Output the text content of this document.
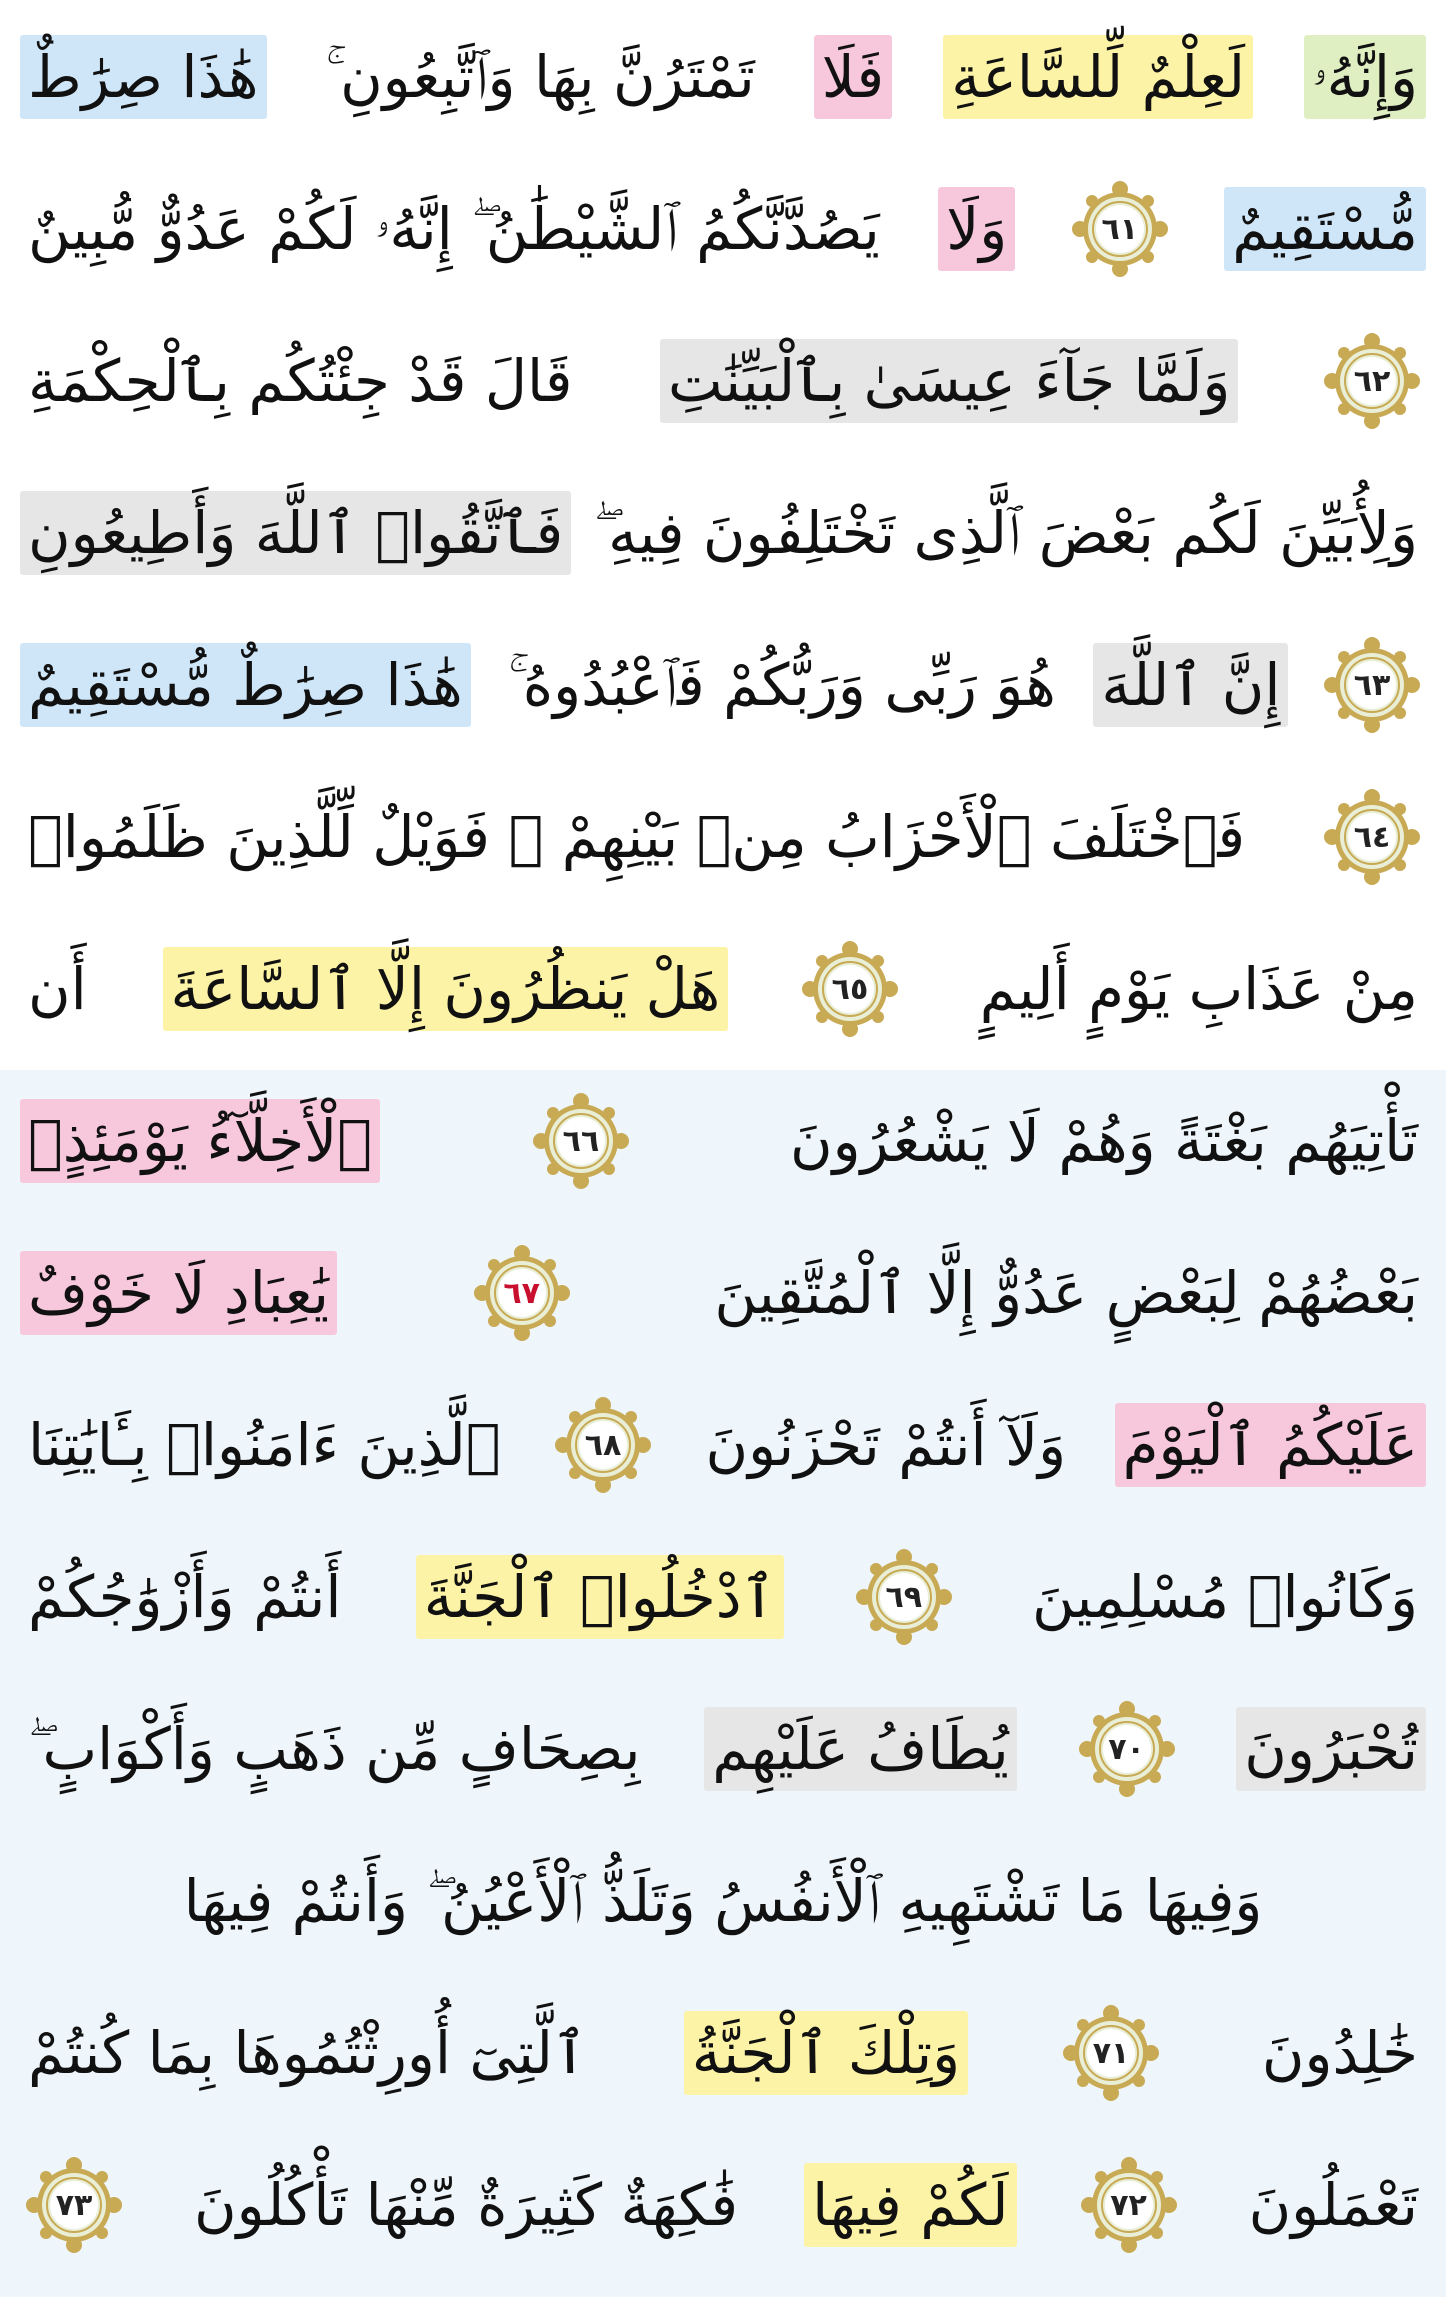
وَإِنَّهُۥ
لَعِلْمٌ لِّلسَّاعَةِ
فَلَا
تَمْتَرُنَّ بِهَا وَٱتَّبِعُونِ ۚ
هَٰذَا صِرَٰطٌ
مُّسْتَقِيمٌ
٦١
وَلَا
يَصُدَّنَّكُمُ ٱلشَّيْطَٰنُ ۖ إِنَّهُۥ لَكُمْ عَدُوٌّ مُّبِينٌ
٦٢
وَلَمَّا جَآءَ عِيسَىٰ بِٱلْبَيِّنَٰتِ
قَالَ قَدْ جِئْتُكُم بِٱلْحِكْمَةِ
وَلِأُبَيِّنَ لَكُم بَعْضَ ٱلَّذِى تَخْتَلِفُونَ فِيهِ ۖ
فَٱتَّقُوا۟ ٱللَّهَ وَأَطِيعُونِ
٦٣
إِنَّ ٱللَّهَ
هُوَ رَبِّى وَرَبُّكُمْ فَٱعْبُدُوهُ ۚ
هَٰذَا صِرَٰطٌ مُّسْتَقِيمٌ
٦٤
فَٱخْتَلَفَ ٱلْأَحْزَابُ مِنۢ بَيْنِهِمْ ۖ فَوَيْلٌ لِّلَّذِينَ ظَلَمُوا۟
مِنْ عَذَابِ يَوْمٍ أَلِيمٍ
٦٥
هَلْ يَنظُرُونَ إِلَّا ٱلسَّاعَةَ
أَن
تَأْتِيَهُم بَغْتَةً وَهُمْ لَا يَشْعُرُونَ
٦٦
ٱلْأَخِلَّآءُ يَوْمَئِذٍۭ
بَعْضُهُمْ لِبَعْضٍ عَدُوٌّ إِلَّا ٱلْمُتَّقِينَ
٦٧
يَٰعِبَادِ لَا خَوْفٌ
عَلَيْكُمُ ٱلْيَوْمَ
وَلَآ أَنتُمْ تَحْزَنُونَ
٦٨
ٱلَّذِينَ ءَامَنُوا۟ بِـَٔايَٰتِنَا
وَكَانُوا۟ مُسْلِمِينَ
٦٩
ٱدْخُلُوا۟ ٱلْجَنَّةَ
أَنتُمْ وَأَزْوَٰجُكُمْ
تُحْبَرُونَ
٧٠
يُطَافُ عَلَيْهِم
بِصِحَافٍ مِّن ذَهَبٍ وَأَكْوَابٍ ۖ
وَفِيهَا مَا تَشْتَهِيهِ ٱلْأَنفُسُ وَتَلَذُّ ٱلْأَعْيُنُ ۖ وَأَنتُمْ فِيهَا
خَٰلِدُونَ
٧١
وَتِلْكَ ٱلْجَنَّةُ
ٱلَّتِىٓ أُورِثْتُمُوهَا بِمَا كُنتُمْ
تَعْمَلُونَ
٧٢
لَكُمْ فِيهَا
فَٰكِهَةٌ كَثِيرَةٌ مِّنْهَا تَأْكُلُونَ
٧٣
